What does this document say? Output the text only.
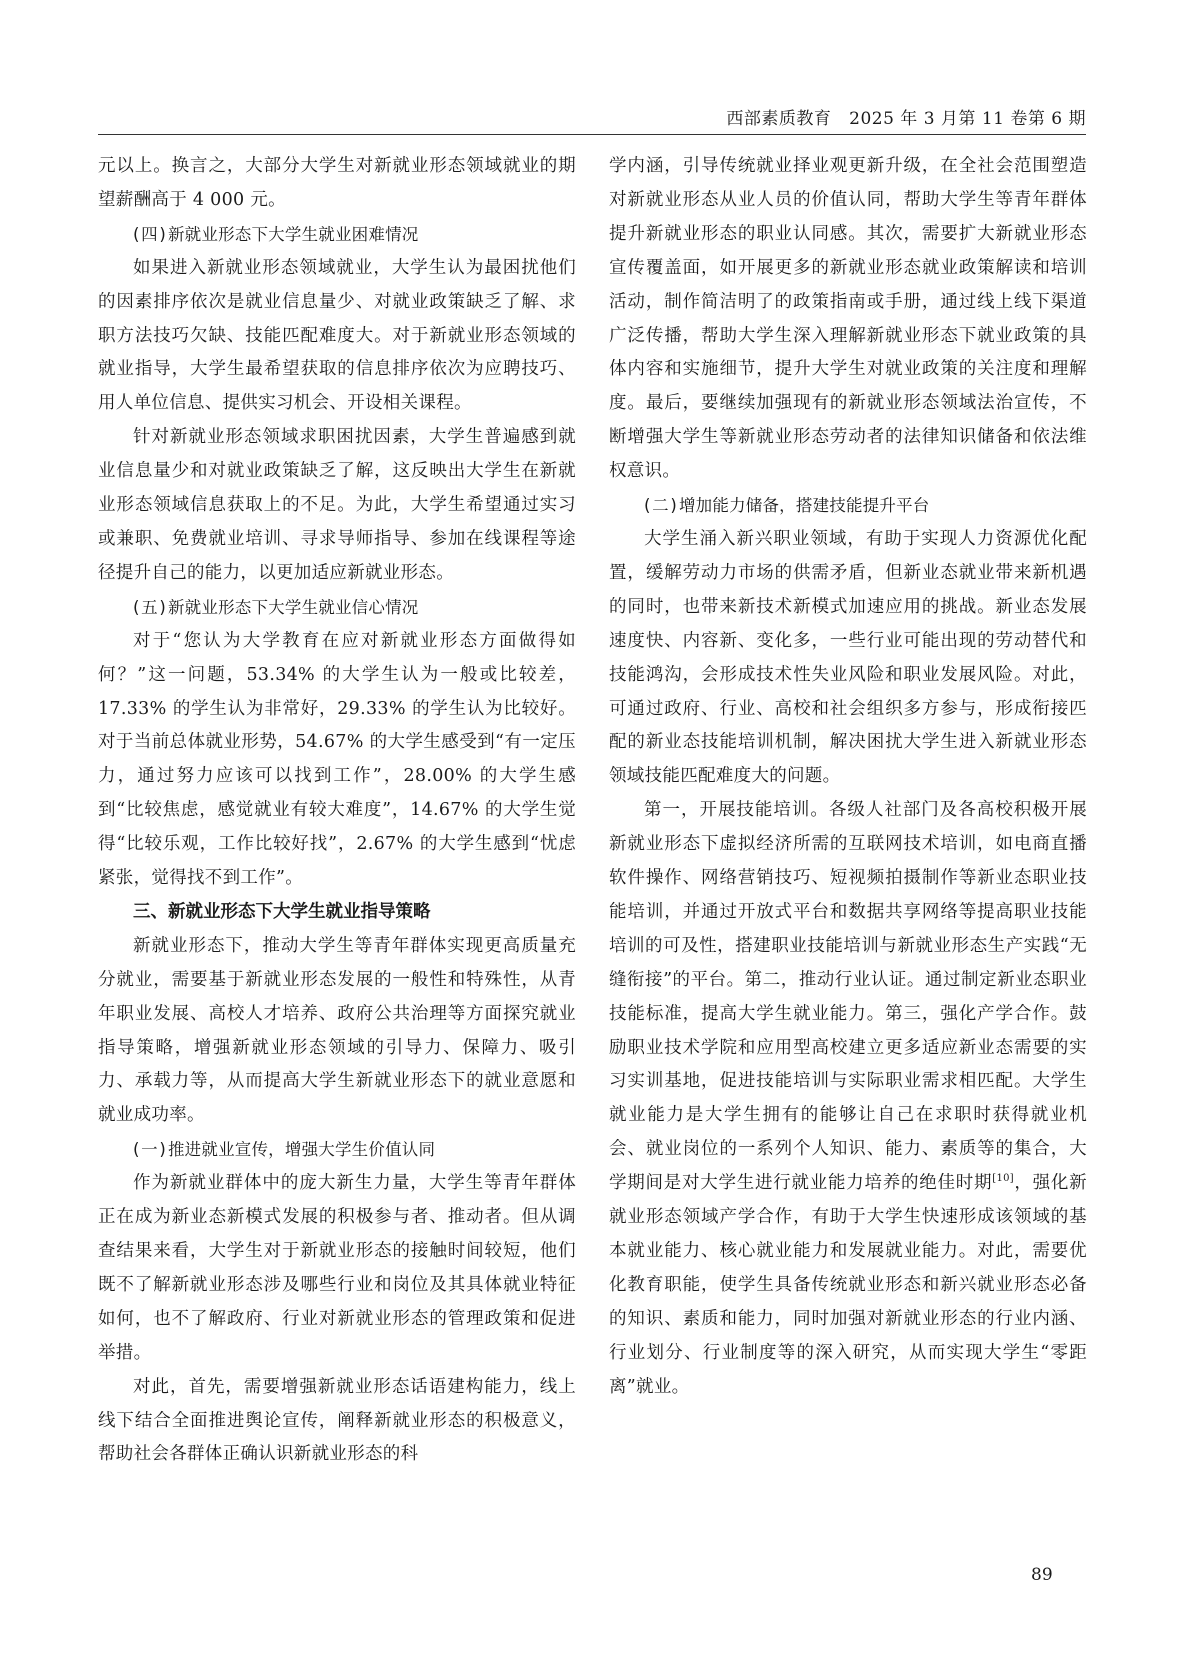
西部素质教育 2025 年 3 月第 11 卷第 6 期

元以上。换言之，大部分大学生对新就业形态领域就业的期望薪酬高于 4 000 元。

(四)新就业形态下大学生就业困难情况

如果进入新就业形态领域就业，大学生认为最困扰他们的因素排序依次是就业信息量少、对就业政策缺乏了解、求职方法技巧欠缺、技能匹配难度大。对于新就业形态领域的就业指导，大学生最希望获取的信息排序依次为应聘技巧、用人单位信息、提供实习机会、开设相关课程。

针对新就业形态领域求职困扰因素，大学生普遍感到就业信息量少和对就业政策缺乏了解，这反映出大学生在新就业形态领域信息获取上的不足。为此，大学生希望通过实习或兼职、免费就业培训、寻求导师指导、参加在线课程等途径提升自己的能力，以更加适应新就业形态。

(五)新就业形态下大学生就业信心情况

对于“您认为大学教育在应对新就业形态方面做得如何？”这一问题，53.34% 的大学生认为一般或比较差，17.33% 的学生认为非常好，29.33% 的学生认为比较好。对于当前总体就业形势，54.67% 的大学生感受到“有一定压力，通过努力应该可以找到工作”，28.00% 的大学生感到“比较焦虑，感觉就业有较大难度”，14.67% 的大学生觉得“比较乐观，工作比较好找”，2.67% 的大学生感到“忧虑紧张，觉得找不到工作”。

三、新就业形态下大学生就业指导策略

新就业形态下，推动大学生等青年群体实现更高质量充分就业，需要基于新就业形态发展的一般性和特殊性，从青年职业发展、高校人才培养、政府公共治理等方面探究就业指导策略，增强新就业形态领域的引导力、保障力、吸引力、承载力等，从而提高大学生新就业形态下的就业意愿和就业成功率。

(一)推进就业宣传，增强大学生价值认同

作为新就业群体中的庞大新生力量，大学生等青年群体正在成为新业态新模式发展的积极参与者、推动者。但从调查结果来看，大学生对于新就业形态的接触时间较短，他们既不了解新就业形态涉及哪些行业和岗位及其具体就业特征如何，也不了解政府、行业对新就业形态的管理政策和促进举措。

对此，首先，需要增强新就业形态话语建构能力，线上线下结合全面推进舆论宣传，阐释新就业形态的积极意义，帮助社会各群体正确认识新就业形态的科

学内涵，引导传统就业择业观更新升级，在全社会范围塑造对新就业形态从业人员的价值认同，帮助大学生等青年群体提升新就业形态的职业认同感。其次，需要扩大新就业形态宣传覆盖面，如开展更多的新就业形态就业政策解读和培训活动，制作简洁明了的政策指南或手册，通过线上线下渠道广泛传播，帮助大学生深入理解新就业形态下就业政策的具体内容和实施细节，提升大学生对就业政策的关注度和理解度。最后，要继续加强现有的新就业形态领域法治宣传，不断增强大学生等新就业形态劳动者的法律知识储备和依法维权意识。

(二)增加能力储备，搭建技能提升平台

大学生涌入新兴职业领域，有助于实现人力资源优化配置，缓解劳动力市场的供需矛盾，但新业态就业带来新机遇的同时，也带来新技术新模式加速应用的挑战。新业态发展速度快、内容新、变化多，一些行业可能出现的劳动替代和技能鸿沟，会形成技术性失业风险和职业发展风险。对此，可通过政府、行业、高校和社会组织多方参与，形成衔接匹配的新业态技能培训机制，解决困扰大学生进入新就业形态领域技能匹配难度大的问题。

第一，开展技能培训。各级人社部门及各高校积极开展新就业形态下虚拟经济所需的互联网技术培训，如电商直播软件操作、网络营销技巧、短视频拍摄制作等新业态职业技能培训，并通过开放式平台和数据共享网络等提高职业技能培训的可及性，搭建职业技能培训与新就业形态生产实践“无缝衔接”的平台。第二，推动行业认证。通过制定新业态职业技能标准，提高大学生就业能力。第三，强化产学合作。鼓励职业技术学院和应用型高校建立更多适应新业态需要的实习实训基地，促进技能培训与实际职业需求相匹配。大学生就业能力是大学生拥有的能够让自己在求职时获得就业机会、就业岗位的一系列个人知识、能力、素质等的集合，大学期间是对大学生进行就业能力培养的绝佳时期[10]，强化新就业形态领域产学合作，有助于大学生快速形成该领域的基本就业能力、核心就业能力和发展就业能力。对此，需要优化教育职能，使学生具备传统就业形态和新兴就业形态必备的知识、素质和能力，同时加强对新就业形态的行业内涵、行业划分、行业制度等的深入研究，从而实现大学生“零距离”就业。

89
